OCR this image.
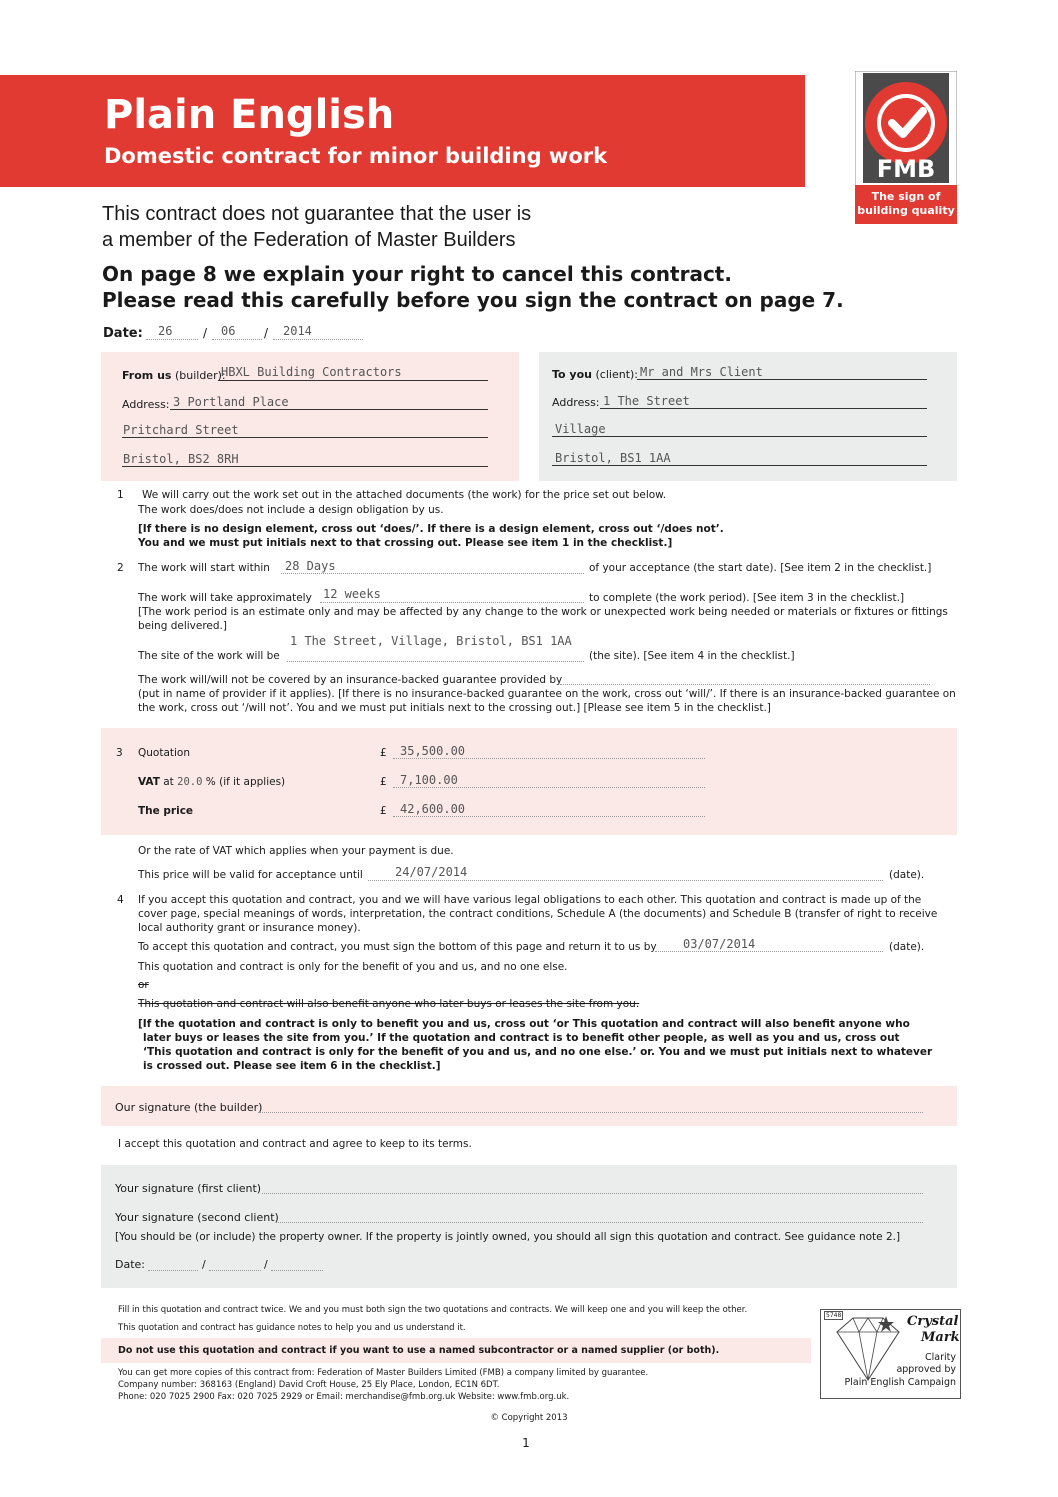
Plain English
Domestic contract for minor building work	FMB
The sign of
building quality
This contract does not guarantee that the user is
a member of the Federation of Master Builders
On page 8 we explain your right to cancel this contract.
Please read this carefully before you sign the contract on page 7.
Date: 26	/ 06 / 2014
From us (builder):
HBXL Building Contractors
Address: 3 Portland Place
Pritchard Street
Bristol, BS2 8RH
To you (client): Mr and Mrs Client
Address: 1 The Street
Village
Bristol, BS1 1AA
1 We will carry out the work set out in the attached documents (the work) for the price set out below.
The work does/does not include a design obligation by us.
[If there is no design element, cross out ‘does/’. If there is a design element, cross out ‘/does not’.
You and we must put initials next to that crossing out. Please see item 1 in the checklist.]
2 The work will start within 28 Days	of your acceptance (the start date). [See item 2 in the checklist.]
The work will take approximately 12 weeks	to complete (the work period). [See item 3 in the checklist.]
[The work period is an estimate only and may be affected by any change to the work or unexpected work being needed or materials or fixtures or fittings
being delivered.]
1 The Street, Village, Bristol, BS1 1AA
The site of the work will be	(the site). [See item 4 in the checklist.]
The work will/will not be covered by an insurance-backed guarantee provided by
(put in name of provider if it applies). [If there is no insurance-backed guarantee on the work, cross out ‘will/’. If there is an insurance-backed guarantee on
the work, cross out ‘/will not’. You and we must put initials next to the crossing out.] [Please see item 5 in the checklist.]
3 Quotation	£ 35,500.00
VAT at 20.0 % (if it applies)	£ 7,100.00
The price	£ 42,600.00
Or the rate of VAT which applies when your payment is due.
This price will be valid for acceptance until	24/07/2014	(date).
4 If you accept this quotation and contract, you and we will have various legal obligations to each other. This quotation and contract is made up of the
cover page, special meanings of words, interpretation, the contract conditions, Schedule A (the documents) and Schedule B (transfer of right to receive
local authority grant or insurance money).
To accept this quotation and contract, you must sign the bottom of this page and return it to us by 03/07/2014	(date).
This quotation and contract is only for the benefit of you and us, and no one else.
or
This quotation and contract will also benefit anyone who later buys or leases the site from you.
[If the quotation and contract is only to benefit you and us, cross out ‘or This quotation and contract will also benefit anyone who
later buys or leases the site from you.’ If the quotation and contract is to benefit other people, as well as you and us, cross out
‘This quotation and contract is only for the benefit of you and us, and no one else.’ or. You and we must put initials next to whatever
is crossed out. Please see item 6 in the checklist.]
Our signature (the builder)
I accept this quotation and contract and agree to keep to its terms.
Your signature (first client)
Your signature (second client)
[You should be (or include) the property owner. If the property is jointly owned, you should all sign this quotation and contract. See guidance note 2.]
Date:	/	/
Fill in this quotation and contract twice. We and you must both sign the two quotations and contracts. We will keep one and you will keep the other.
This quotation and contract has guidance notes to help you and us understand it.
Do not use this quotation and contract if you want to use a named subcontractor or a named supplier (or both).
You can get more copies of this contract from: Federation of Master Builders Limited (FMB) a company limited by guarantee.
Company number: 368163 (England) David Croft House, 25 Ely Place, London, EC1N 6DT.
Phone: 020 7025 2900 Fax: 020 7025 2929 or Email: merchandise@fmb.org.uk Website: www.fmb.org.uk.
© Copyright 2013
1
5748	Crystal
Mark
Clarity
approved by
Plain English Campaign
